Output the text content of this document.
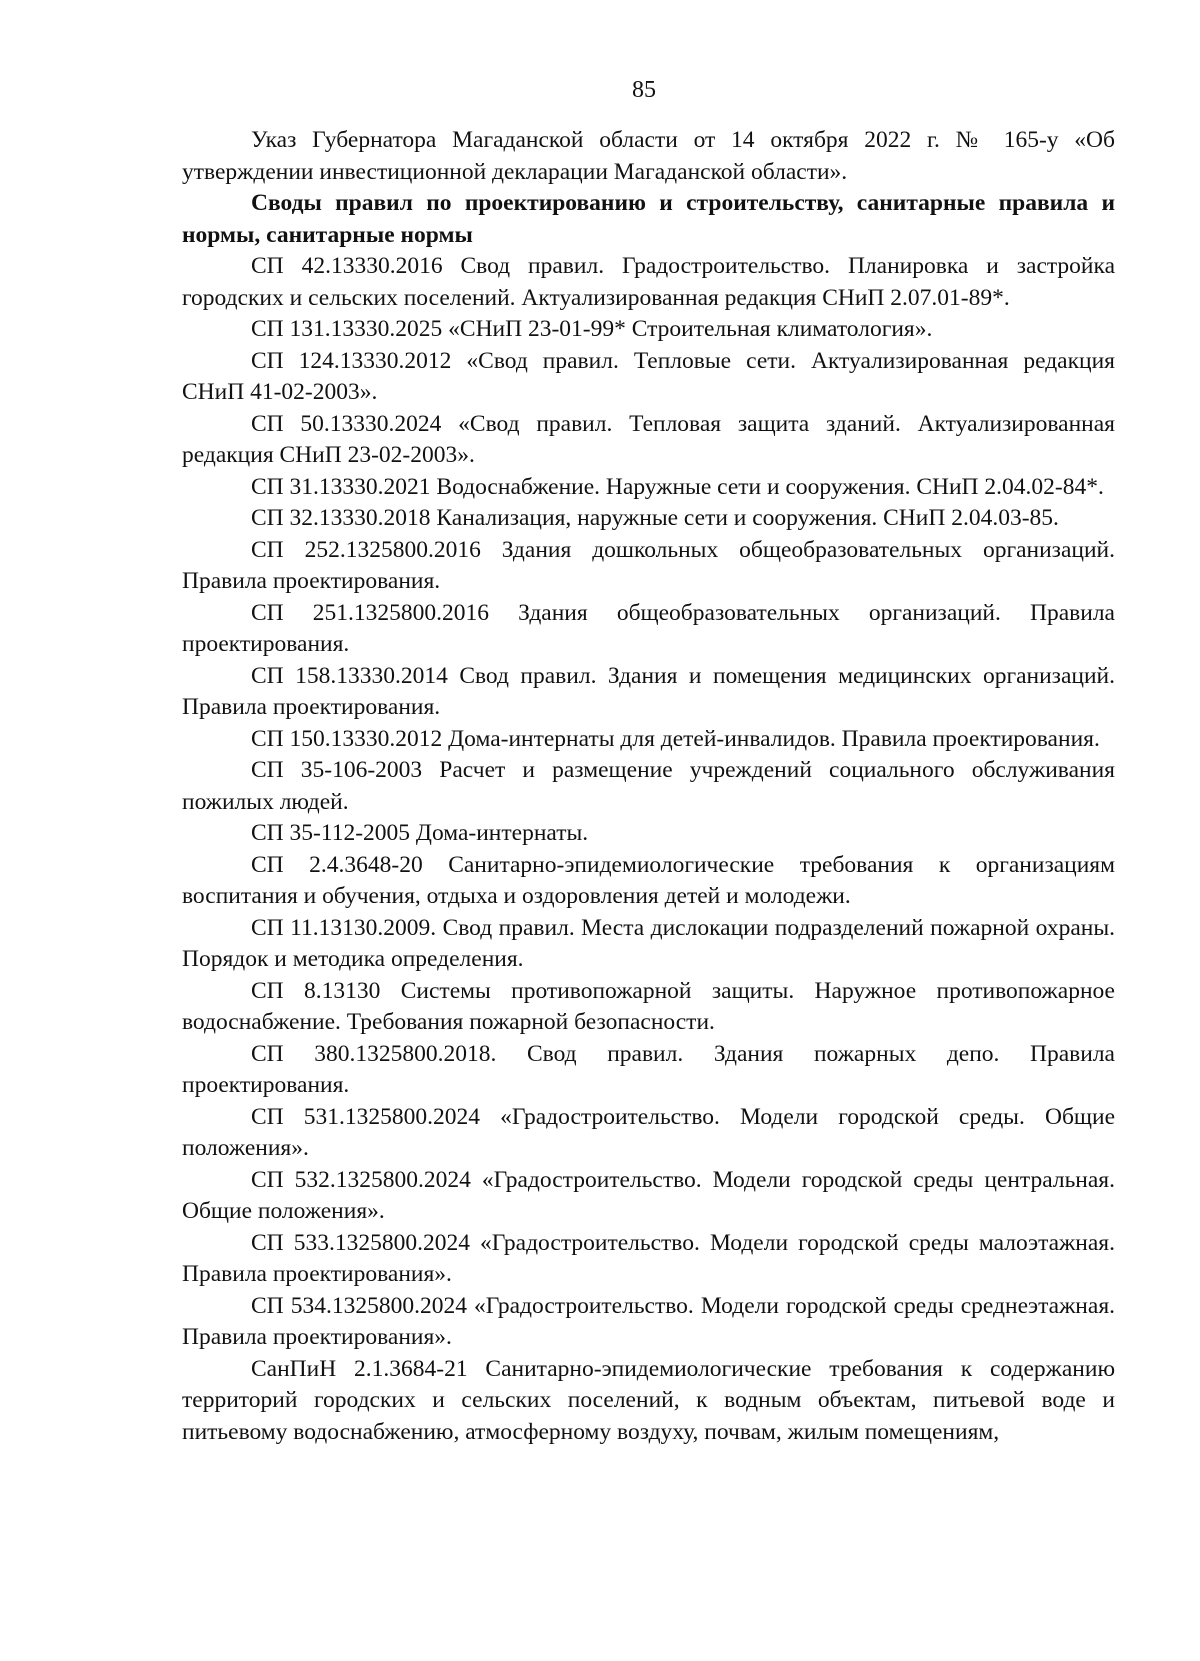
85

Указ Губернатора Магаданской области от 14 октября 2022 г. № 165-у «Об утверждении инвестиционной декларации Магаданской области».

Своды правил по проектированию и строительству, санитарные правила и нормы, санитарные нормы

СП 42.13330.2016 Свод правил. Градостроительство. Планировка и застройка городских и сельских поселений. Актуализированная редакция СНиП 2.07.01-89*.

СП 131.13330.2025 «СНиП 23-01-99* Строительная климатология».

СП 124.13330.2012 «Свод правил. Тепловые сети. Актуализированная редакция СНиП 41-02-2003».

СП 50.13330.2024 «Свод правил. Тепловая защита зданий. Актуализированная редакция СНиП 23-02-2003».

СП 31.13330.2021 Водоснабжение. Наружные сети и сооружения. СНиП 2.04.02-84*.

СП 32.13330.2018 Канализация, наружные сети и сооружения. СНиП 2.04.03-85.

СП 252.1325800.2016 Здания дошкольных общеобразовательных организаций. Правила проектирования.

СП 251.1325800.2016 Здания общеобразовательных организаций. Правила проектирования.

СП 158.13330.2014 Свод правил. Здания и помещения медицинских организаций. Правила проектирования.

СП 150.13330.2012 Дома-интернаты для детей-инвалидов. Правила проектирования.

СП 35-106-2003 Расчет и размещение учреждений социального обслуживания пожилых людей.

СП 35-112-2005 Дома-интернаты.

СП 2.4.3648-20 Санитарно-эпидемиологические требования к организациям воспитания и обучения, отдыха и оздоровления детей и молодежи.

СП 11.13130.2009. Свод правил. Места дислокации подразделений пожарной охраны. Порядок и методика определения.

СП 8.13130 Системы противопожарной защиты. Наружное противопожарное водоснабжение. Требования пожарной безопасности.

СП 380.1325800.2018. Свод правил. Здания пожарных депо. Правила проектирования.

СП 531.1325800.2024 «Градостроительство. Модели городской среды. Общие положения».

СП 532.1325800.2024 «Градостроительство. Модели городской среды центральная. Общие положения».

СП 533.1325800.2024 «Градостроительство. Модели городской среды малоэтажная. Правила проектирования».

СП 534.1325800.2024 «Градостроительство. Модели городской среды среднеэтажная. Правила проектирования».

СанПиН 2.1.3684-21 Санитарно-эпидемиологические требования к содержанию территорий городских и сельских поселений, к водным объектам, питьевой воде и питьевому водоснабжению, атмосферному воздуху, почвам, жилым помещениям,
